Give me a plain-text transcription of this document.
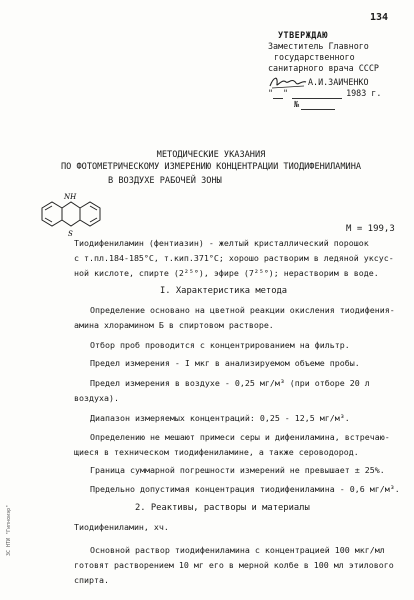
134
УТВЕРЖДАЮ
Заместитель Главного
государственного
санитарного врача СССР
А.И.ЗАИЧЕНКО
" "	1983 г.
№
МЕТОДИЧЕСКИЕ УКАЗАНИЯ
ПО ФОТОМЕТРИЧЕСКОМУ ИЗМЕРЕНИЮ КОНЦЕНТРАЦИИ ТИОДИФЕНИЛАМИНА
В ВОЗДУХЕ РАБОЧЕЙ ЗОНЫ
NH
S	М = 199,3
Тиодифениламин (фентиазин) - желтый кристаллический порошок
с т.пл.184-185°С, т.кип.371°С; хорошо растворим в ледяной уксус-
ной кислоте, спирте (2²⁵°), эфире (7²⁵°); нерастворим в воде.
I. Характеристика метода
Определение основано на цветной реакции окисления тиодифения-
амина хлорамином Б в спиртовом растворе.
Отбор проб проводится с концентрированием на фильтр.
Предел измерения - I мкг в анализируемом объеме пробы.
Предел измерения в воздухе - 0,25 мг/м³ (при отборе 20 л
воздуха).
Диапазон измеряемых концентраций: 0,25 - 12,5 мг/м³.
Определению не мешают примеси серы и дифениламина, встречаю-
щиеся в техническом тиодифениламине, а также сероводород.
Граница суммарной погрешности измерений не превышает ± 25%.
Предельно допустимая концентрация тиодифениламина - 0,6 мг/м³.
2. Реактивы, растворы и материалы
Тиодифениламин, хч.
Основной раствор тиодифениламина с концентрацией 100 мкг/мл
готовят растворением 10 мг его в мерной колбе в 100 мл этилового
спирта.
ЗС НТИ "Гипноиэр"
